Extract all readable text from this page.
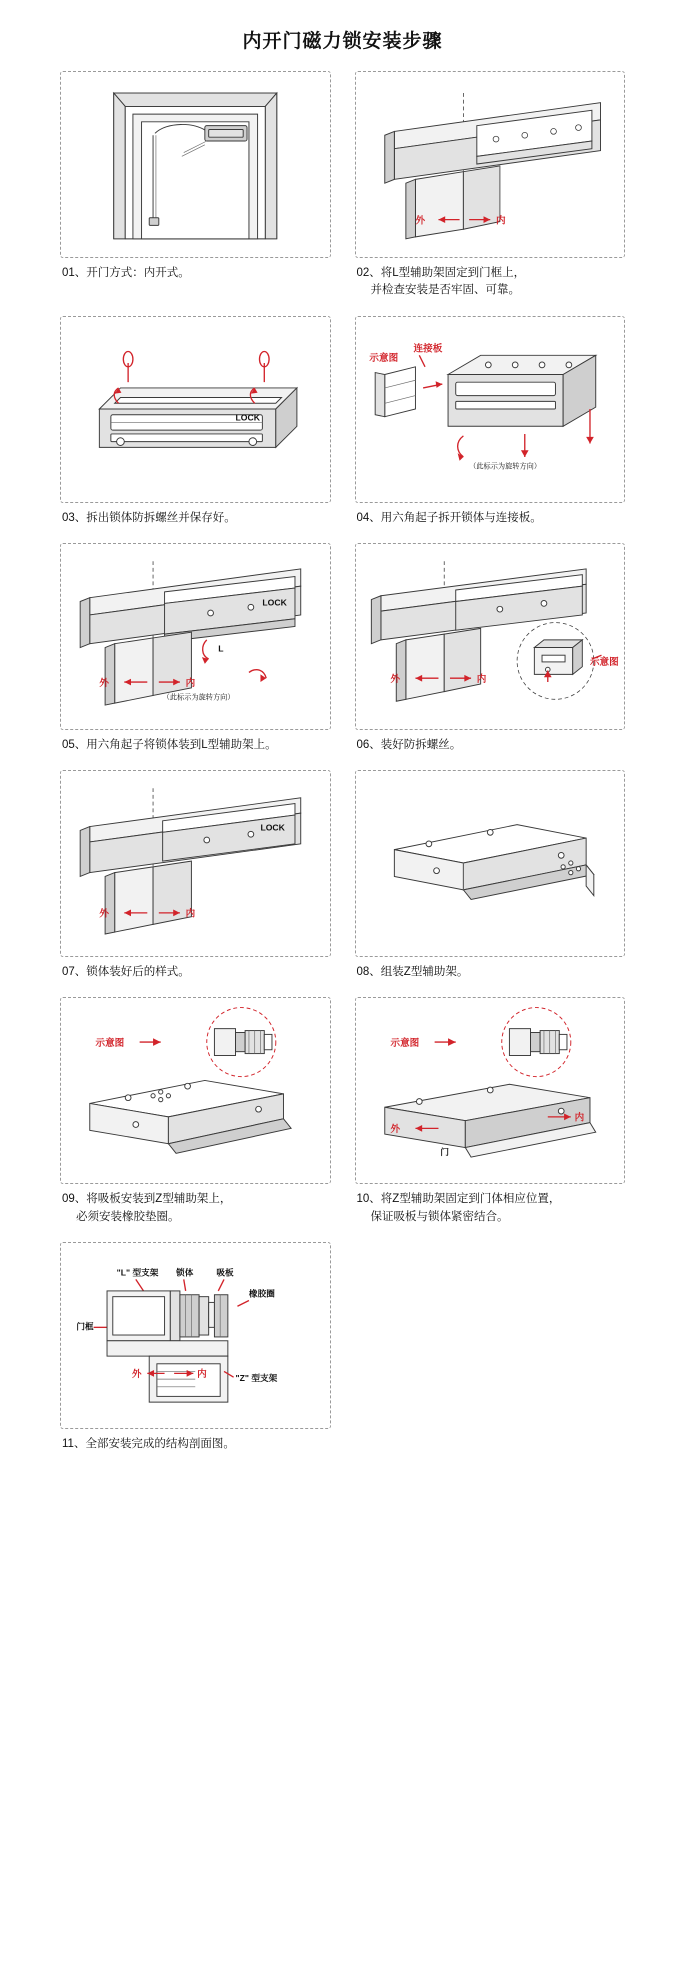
内开门磁力锁安装步骤
01、开门方式：内开式。
外	内
02、将L型辅助架固定到门框上，
并检查安装是否牢固、可靠。
LOCK
03、拆出锁体防拆螺丝并保存好。
示意图
连接板
（此标示为旋转方向）
04、用六角起子拆开锁体与连接板。
LOCK
L
外	内
（此标示为旋转方向）
05、用六角起子将锁体装到L型辅助架上。
示意图
外	内
06、装好防拆螺丝。
LOCK
外	内
07、锁体装好后的样式。	08、组装Z型辅助架。
示意图
09、将吸板安装到Z型辅助架上，
必须安装橡胶垫圈。
示意图
外
内
门
10、将Z型辅助架固定到门体相应位置，
保证吸板与锁体紧密结合。
"L" 型支架 锁体	吸板
橡胶圈
门框
"Z" 型支架
外	内
11、全部安装完成的结构剖面图。
